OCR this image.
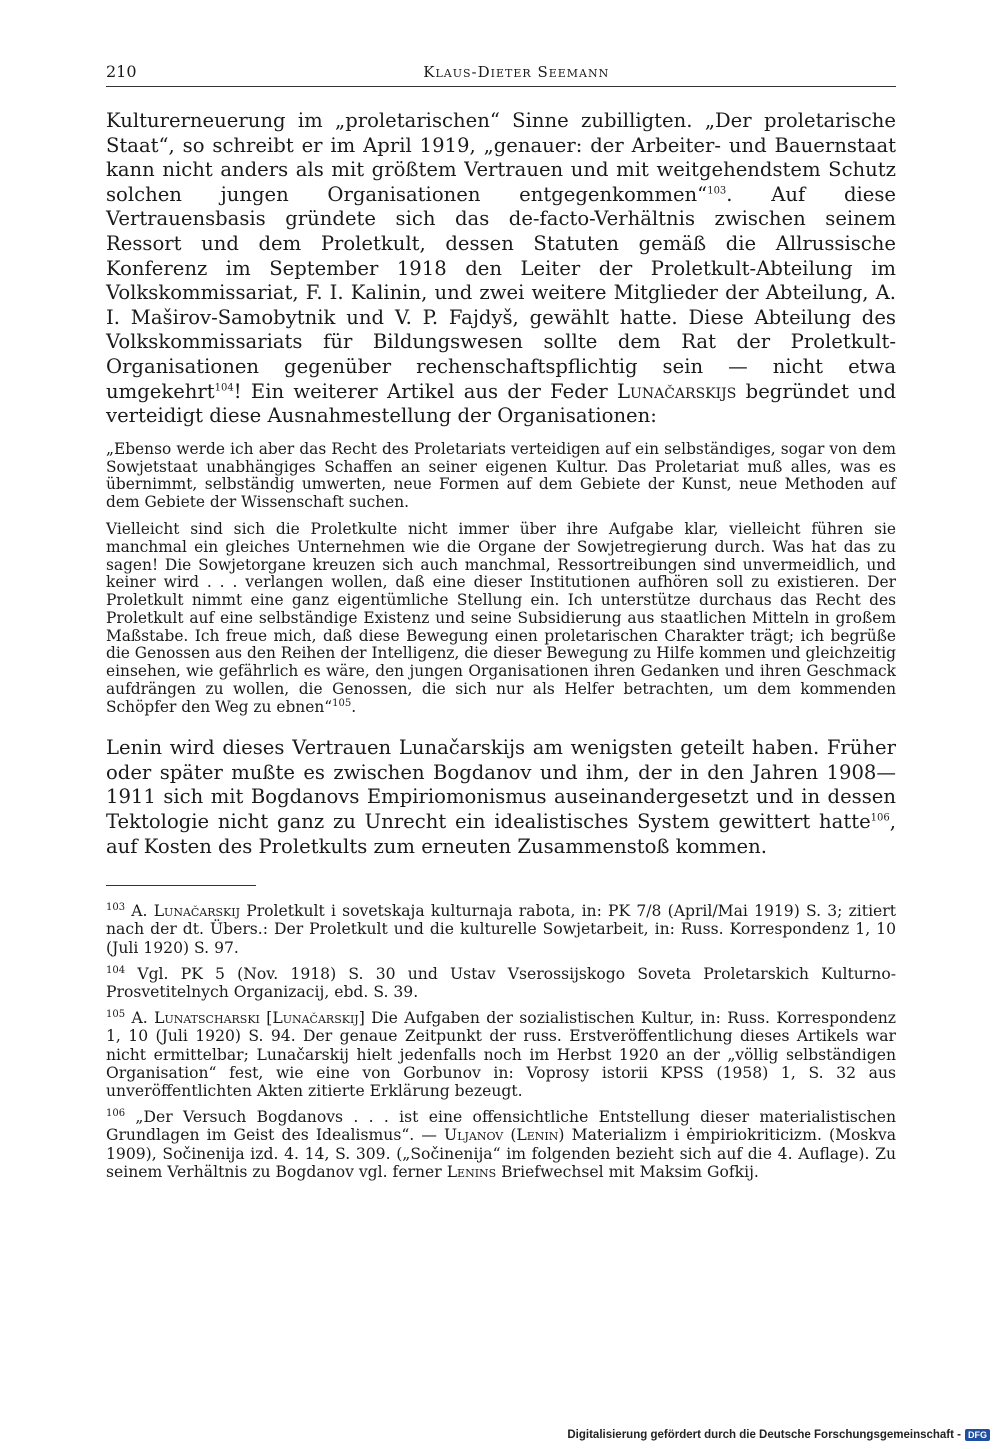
210	Klaus-Dieter Seemann

Kulturerneuerung im „proletarischen“ Sinne zubilligten. „Der proletarische Staat“, so schreibt er im April 1919, „genauer: der Arbeiter- und Bauernstaat kann nicht anders als mit größtem Vertrauen und mit weitgehendstem Schutz solchen jungen Organisationen entgegenkommen“$^{103}$. Auf diese Vertrauensbasis gründete sich das de-facto-Verhältnis zwischen seinem Ressort und dem Proletkult, dessen Statuten gemäß die Allrussische Konferenz im September 1918 den Leiter der Proletkult-Abteilung im Volkskommissariat, F. I. Kalinin, und zwei weitere Mitglieder der Abteilung, A. I. Maširov-Samobytnik und V. P. Fajdyš, gewählt hatte. Diese Abteilung des Volkskommissariats für Bildungswesen sollte dem Rat der Proletkult-Organisationen gegenüber rechenschaftspflichtig sein — nicht etwa umgekehrt$^{104}$! Ein weiterer Artikel aus der Feder Lunačarskijs begründet und verteidigt diese Ausnahmestellung der Organisationen:

„Ebenso werde ich aber das Recht des Proletariats verteidigen auf ein selbständiges, sogar von dem Sowjetstaat unabhängiges Schaffen an seiner eigenen Kultur. Das Proletariat muß alles, was es übernimmt, selbständig umwerten, neue Formen auf dem Gebiete der Kunst, neue Methoden auf dem Gebiete der Wissenschaft suchen.

Vielleicht sind sich die Proletkulte nicht immer über ihre Aufgabe klar, vielleicht führen sie manchmal ein gleiches Unternehmen wie die Organe der Sowjetregierung durch. Was hat das zu sagen! Die Sowjetorgane kreuzen sich auch manchmal, Ressortreibungen sind unvermeidlich, und keiner wird . . . verlangen wollen, daß eine dieser Institutionen aufhören soll zu existieren. Der Proletkult nimmt eine ganz eigentümliche Stellung ein. Ich unterstütze durchaus das Recht des Proletkult auf eine selbständige Existenz und seine Subsidierung aus staatlichen Mitteln in großem Maßstabe. Ich freue mich, daß diese Bewegung einen proletarischen Charakter trägt; ich begrüße die Genossen aus den Reihen der Intelligenz, die dieser Bewegung zu Hilfe kommen und gleichzeitig einsehen, wie gefährlich es wäre, den jungen Organisationen ihren Gedanken und ihren Geschmack aufdrängen zu wollen, die Genossen, die sich nur als Helfer betrachten, um dem kommenden Schöpfer den Weg zu ebnen“$^{105}$.

Lenin wird dieses Vertrauen Lunačarskijs am wenigsten geteilt haben. Früher oder später mußte es zwischen Bogdanov und ihm, der in den Jahren 1908—1911 sich mit Bogdanovs Empiriomonismus auseinandergesetzt und in dessen Tektologie nicht ganz zu Unrecht ein idealistisches System gewittert hatte$^{106}$, auf Kosten des Proletkults zum erneuten Zusammenstoß kommen.

$^{103}$ A. Lunačarskij Proletkult i sovetskaja kulturnaja rabota, in: PK 7/8 (April/Mai 1919) S. 3; zitiert nach der dt. Übers.: Der Proletkult und die kulturelle Sowjetarbeit, in: Russ. Korrespondenz 1, 10 (Juli 1920) S. 97.

$^{104}$ Vgl. PK 5 (Nov. 1918) S. 30 und Ustav Vserossijskogo Soveta Proletarskich Kulturno-Prosvetitelnych Organizacij, ebd. S. 39.

$^{105}$ A. Lunatscharski [Lunačarskij] Die Aufgaben der sozialistischen Kultur, in: Russ. Korrespondenz 1, 10 (Juli 1920) S. 94. Der genaue Zeitpunkt der russ. Erstveröffentlichung dieses Artikels war nicht ermittelbar; Lunačarskij hielt jedenfalls noch im Herbst 1920 an der „völlig selbständigen Organisation“ fest, wie eine von Gorbunov in: Voprosy istorii KPSS (1958) 1, S. 32 aus unveröffentlichten Akten zitierte Erklärung bezeugt.

$^{106}$ „Der Versuch Bogdanovs . . . ist eine offensichtliche Entstellung dieser materialistischen Grundlagen im Geist des Idealismus“. — Uljanov (Lenin) Materializm i ėmpiriokriticizm. (Moskva 1909), Sočinenija izd. 4. 14, S. 309. („Sočinenija“ im folgenden bezieht sich auf die 4. Auflage). Zu seinem Verhältnis zu Bogdanov vgl. ferner Lenins Briefwechsel mit Maksim Gofkij.

Digitalisierung gefördert durch die Deutsche Forschungsgemeinschaft - DFG
